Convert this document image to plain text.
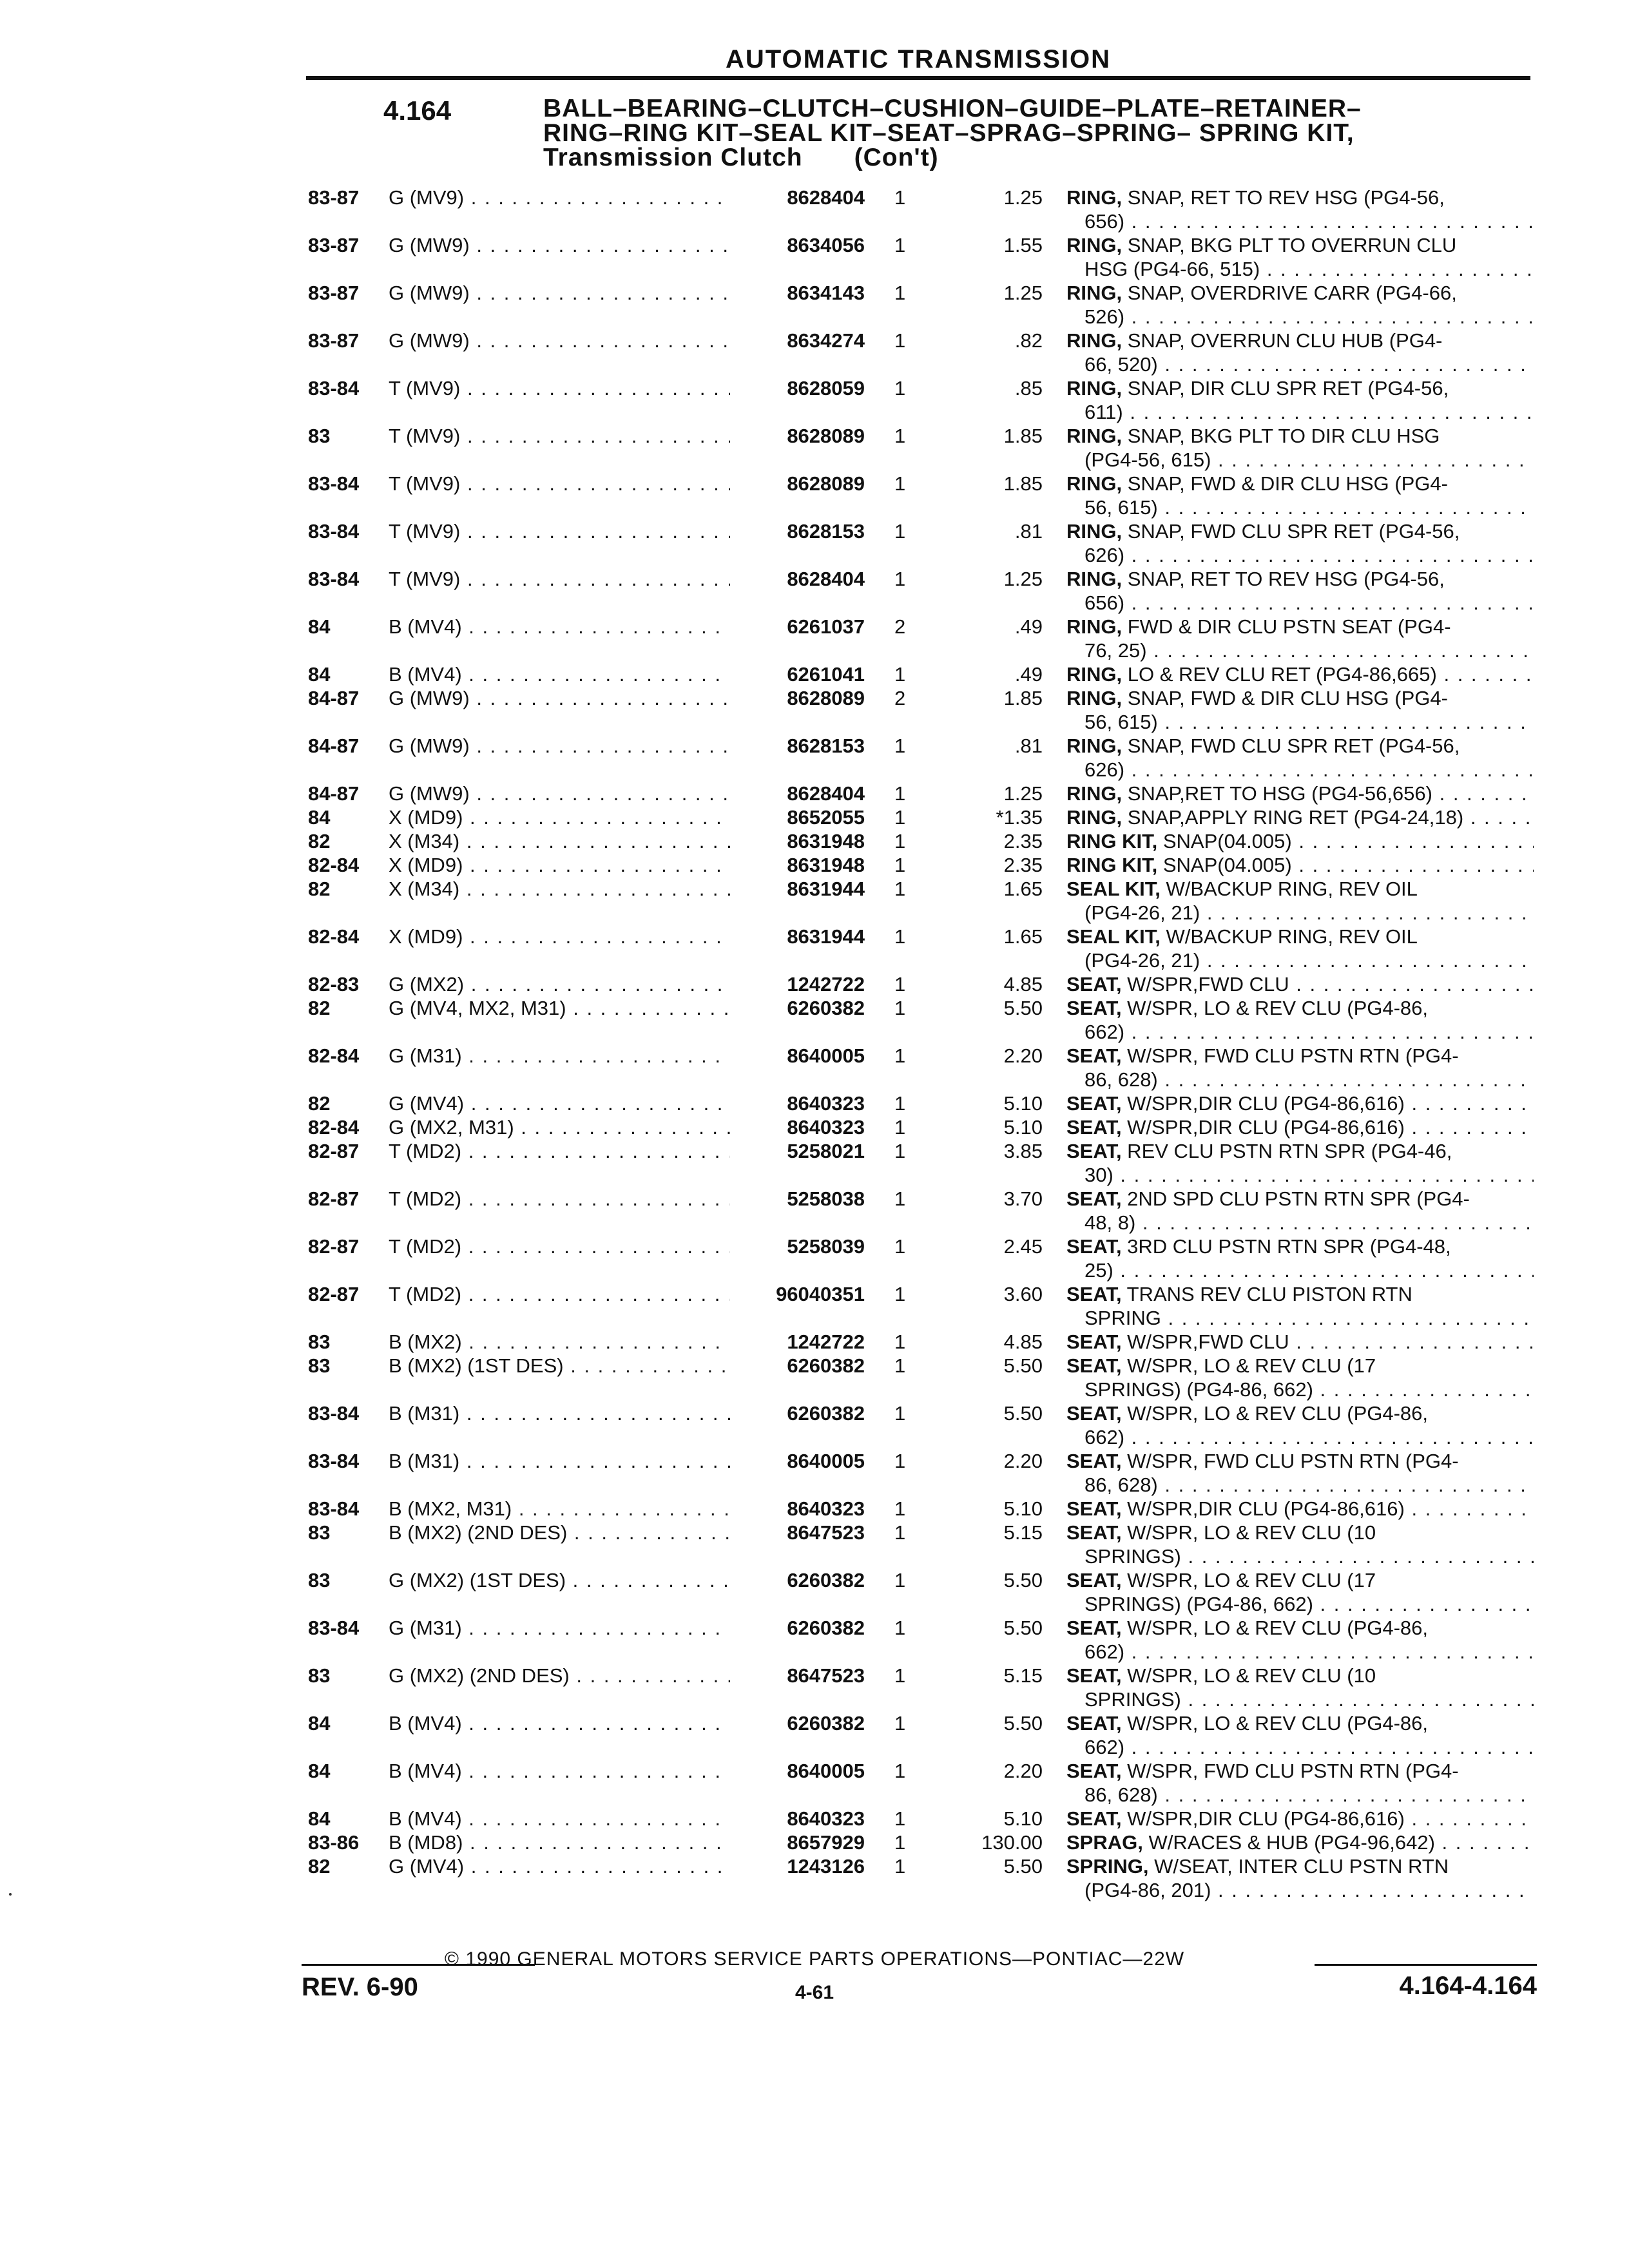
AUTOMATIC TRANSMISSION
4.164	BALL–BEARING–CLUTCH–CUSHION–GUIDE–PLATE–RETAINER–
RING–RING KIT–SEAL KIT–SEAT–SPRAG–SPRING– SPRING KIT,
Transmission Clutch (Con't)
83-87 G (MV9) . . .	8628404 1	1.25 RING, SNAP, RET TO REV HSG (PG4-56,
656) . . .
83-87 G (MW9) . . .	8634056 1	1.55 RING, SNAP, BKG PLT TO OVERRUN CLU
HSG (PG4-66, 515) . . .
83-87 G (MW9) . . .	8634143 1	1.25 RING, SNAP, OVERDRIVE CARR (PG4-66,
526) . . .
83-87 G (MW9) . . .	8634274 1	.82 RING, SNAP, OVERRUN CLU HUB (PG4-
66, 520) . . .
83-84 T (MV9) . . .	8628059 1	.85 RING, SNAP, DIR CLU SPR RET (PG4-56,
611) . . .
83	T (MV9) . . .	8628089 1	1.85 RING, SNAP, BKG PLT TO DIR CLU HSG
(PG4-56, 615) . . .
83-84 T (MV9) . . .	8628089 1	1.85 RING, SNAP, FWD & DIR CLU HSG (PG4-
56, 615) . . .
83-84 T (MV9) . . .	8628153 1	.81 RING, SNAP, FWD CLU SPR RET (PG4-56,
626) . . .
83-84 T (MV9) . . .	8628404 1	1.25 RING, SNAP, RET TO REV HSG (PG4-56,
656) . . .
84	B (MV4) . . .	6261037 2	.49 RING, FWD & DIR CLU PSTN SEAT (PG4-
76, 25) . . .
84	B (MV4) . . .	6261041 1	.49 RING, LO & REV CLU RET (PG4-86,665) . . .
84-87 G (MW9) . . .	8628089 2	1.85 RING, SNAP, FWD & DIR CLU HSG (PG4-
56, 615) . . .
84-87 G (MW9) . . .	8628153 1	.81 RING, SNAP, FWD CLU SPR RET (PG4-56,
626) . . .
84-87 G (MW9) . . .	8628404 1	1.25 RING, SNAP,RET TO HSG (PG4-56,656) . . .
84	X (MD9) . . .	8652055 1	*1.35 RING, SNAP,APPLY RING RET (PG4-24,18) . . .
82	X (M34) . . .	8631948 1	2.35 RING KIT, SNAP(04.005) . . .
82-84 X (MD9) . . .	8631948 1	2.35 RING KIT, SNAP(04.005) . . .
82	X (M34) . . .	8631944 1	1.65 SEAL KIT, W/BACKUP RING, REV OIL
(PG4-26, 21) . . .
82-84 X (MD9) . . .	8631944 1	1.65 SEAL KIT, W/BACKUP RING, REV OIL
(PG4-26, 21) . . .
82-83 G (MX2) . . .	1242722 1	4.85 SEAT, W/SPR,FWD CLU . . .
82	G (MV4, MX2, M31) . . .	6260382 1	5.50 SEAT, W/SPR, LO & REV CLU (PG4-86,
662) . . .
82-84 G (M31) . . .	8640005 1	2.20 SEAT, W/SPR, FWD CLU PSTN RTN (PG4-
86, 628) . . .
82	G (MV4) . . .	8640323 1	5.10 SEAT, W/SPR,DIR CLU (PG4-86,616) . . .
82-84 G (MX2, M31) . . .	8640323 1	5.10 SEAT, W/SPR,DIR CLU (PG4-86,616) . . .
82-87 T (MD2) . . .	5258021 1	3.85 SEAT, REV CLU PSTN RTN SPR (PG4-46,
30) . . .
82-87 T (MD2) . . .	5258038 1	3.70 SEAT, 2ND SPD CLU PSTN RTN SPR (PG4-
48, 8) . . .
82-87 T (MD2) . . .	5258039 1	2.45 SEAT, 3RD CLU PSTN RTN SPR (PG4-48,
25) . . .
82-87 T (MD2) . . .	96040351 1	3.60 SEAT, TRANS REV CLU PISTON RTN
SPRING . . .
83	B (MX2) . . .	1242722 1	4.85 SEAT, W/SPR,FWD CLU . . .
83	B (MX2) (1ST DES) . . .	6260382 1	5.50 SEAT, W/SPR, LO & REV CLU (17
SPRINGS) (PG4-86, 662) . . .
83-84 B (M31) . . .	6260382 1	5.50 SEAT, W/SPR, LO & REV CLU (PG4-86,
662) . . .
83-84 B (M31) . . .	8640005 1	2.20 SEAT, W/SPR, FWD CLU PSTN RTN (PG4-
86, 628) . . .
83-84 B (MX2, M31) . . .	8640323 1	5.10 SEAT, W/SPR,DIR CLU (PG4-86,616) . . .
83	B (MX2) (2ND DES) . . .	8647523 1	5.15 SEAT, W/SPR, LO & REV CLU (10
SPRINGS) . . .
83	G (MX2) (1ST DES) . . .	6260382 1	5.50 SEAT, W/SPR, LO & REV CLU (17
SPRINGS) (PG4-86, 662) . . .
83-84 G (M31) . . .	6260382 1	5.50 SEAT, W/SPR, LO & REV CLU (PG4-86,
662) . . .
83	G (MX2) (2ND DES) . . .	8647523 1	5.15 SEAT, W/SPR, LO & REV CLU (10
SPRINGS) . . .
84	B (MV4) . . .	6260382 1	5.50 SEAT, W/SPR, LO & REV CLU (PG4-86,
662) . . .
84	B (MV4) . . .	8640005 1	2.20 SEAT, W/SPR, FWD CLU PSTN RTN (PG4-
86, 628) . . .
84	B (MV4) . . .	8640323 1	5.10 SEAT, W/SPR,DIR CLU (PG4-86,616) . . .
83-86 B (MD8) . . .	8657929 1	130.00 SPRAG, W/RACES & HUB (PG4-96,642) . . .
82	G (MV4) . . .	1243126 1	5.50 SPRING, W/SEAT, INTER CLU PSTN RTN
(PG4-86, 201) . . .
© 1990 GENERAL MOTORS SERVICE PARTS OPERATIONS—PONTIAC—22W
REV. 6-90	4-61	4.164-4.164
